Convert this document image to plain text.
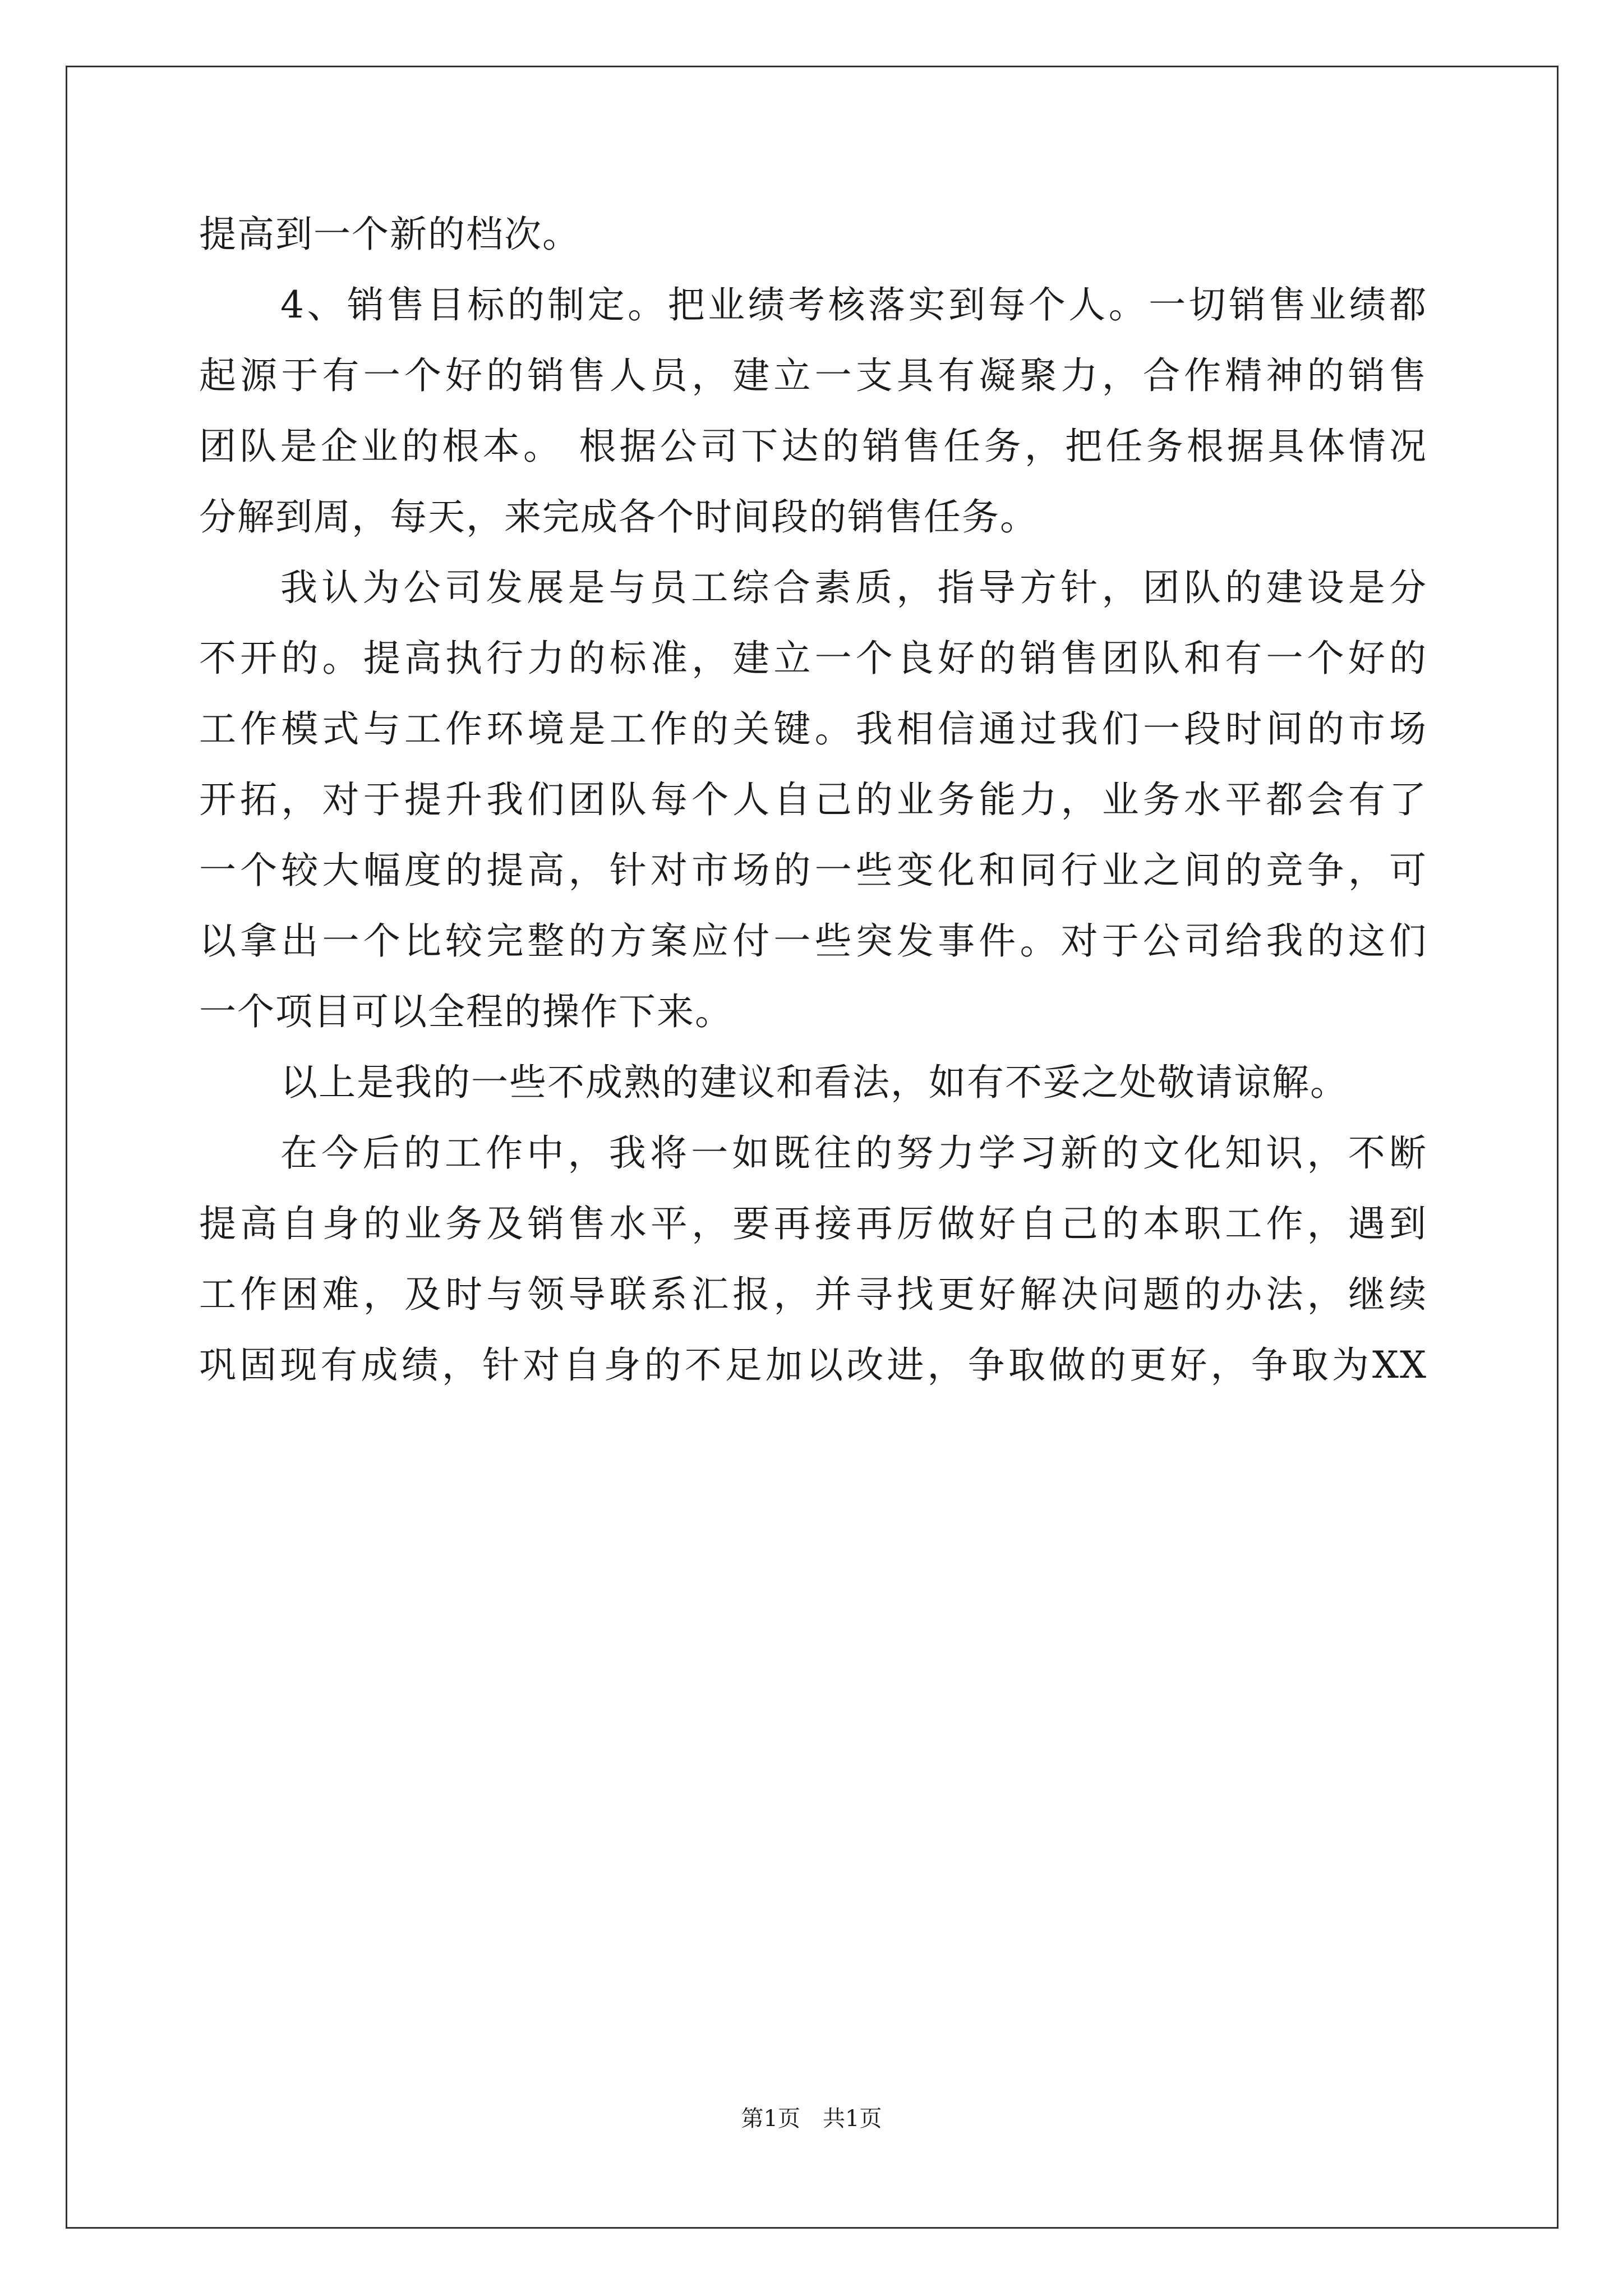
提高到一个新的档次。
4、销售目标的制定。把业绩考核落实到每个人。一切销售业绩都
起源于有一个好的销售人员，建立一支具有凝聚力，合作精神的销售
团队是企业的根本。 根据公司下达的销售任务，把任务根据具体情况
分解到周，每天，来完成各个时间段的销售任务。
我认为公司发展是与员工综合素质，指导方针，团队的建设是分
不开的。提高执行力的标准，建立一个良好的销售团队和有一个好的
工作模式与工作环境是工作的关键。我相信通过我们一段时间的市场
开拓，对于提升我们团队每个人自己的业务能力，业务水平都会有了
一个较大幅度的提高，针对市场的一些变化和同行业之间的竞争，可
以拿出一个比较完整的方案应付一些突发事件。对于公司给我的这们
一个项目可以全程的操作下来。
以上是我的一些不成熟的建议和看法，如有不妥之处敬请谅解。
在今后的工作中，我将一如既往的努力学习新的文化知识，不断
提高自身的业务及销售水平，要再接再厉做好自己的本职工作，遇到
工作困难，及时与领导联系汇报，并寻找更好解决问题的办法，继续
巩固现有成绩，针对自身的不足加以改进，争取做的更好，争取为XX
第1页　共1页
